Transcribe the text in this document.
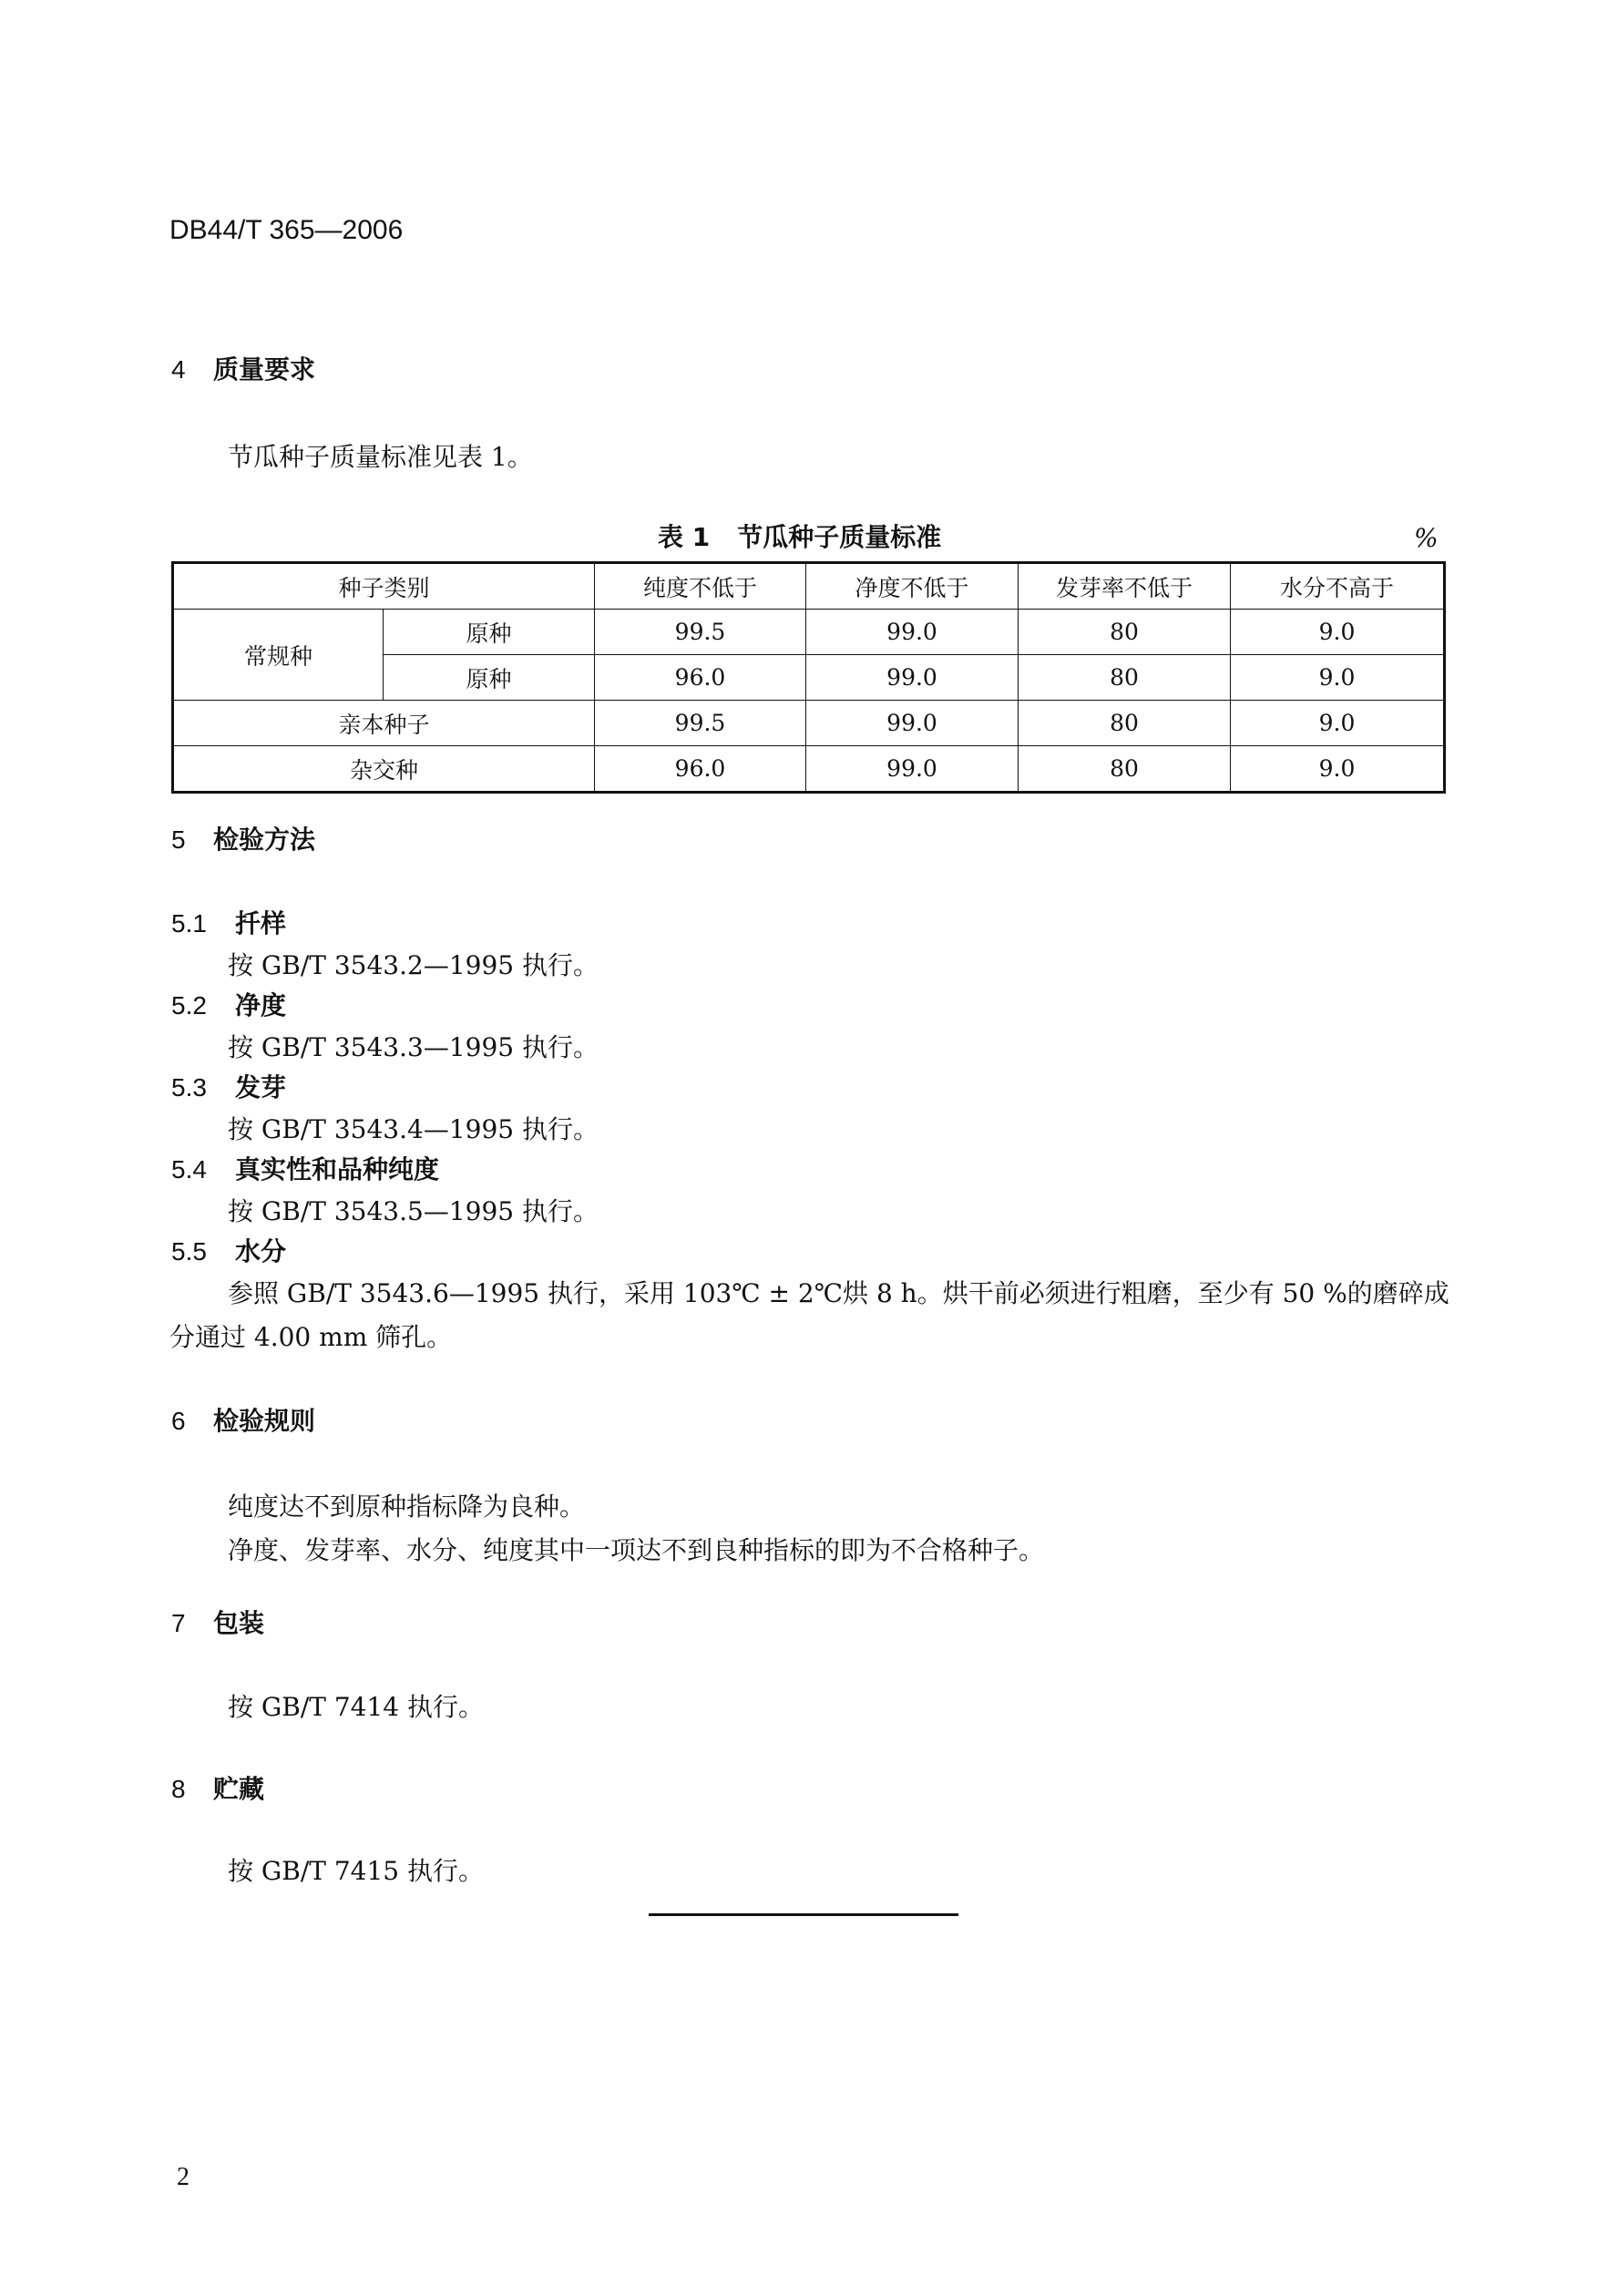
DB44/T 365—2006
4 质量要求
节瓜种子质量标准见表 1。
表 1 节瓜种子质量标准	%
种子类别		纯度不低于	净度不低于	发芽率不低于	水分不高于
常规种	原种	99.5	99.0	80	9.0
	原种	96.0	99.0	80	9.0
亲本种子		99.5	99.0	80	9.0
杂交种		96.0	99.0	80	9.0
5 检验方法
5.1 扦样
按 GB/T 3543.2—1995 执行。
5.2 净度
按 GB/T 3543.3—1995 执行。
5.3 发芽
按 GB/T 3543.4—1995 执行。
5.4 真实性和品种纯度
按 GB/T 3543.5—1995 执行。
5.5 水分
参照 GB/T 3543.6—1995 执行，采用 103℃ ± 2℃烘 8 h。烘干前必须进行粗磨，至少有 50 %的磨碎成
分通过 4.00 mm 筛孔。
6 检验规则
纯度达不到原种指标降为良种。
净度、发芽率、水分、纯度其中一项达不到良种指标的即为不合格种子。
7 包装
按 GB/T 7414 执行。
8 贮藏
按 GB/T 7415 执行。
2
